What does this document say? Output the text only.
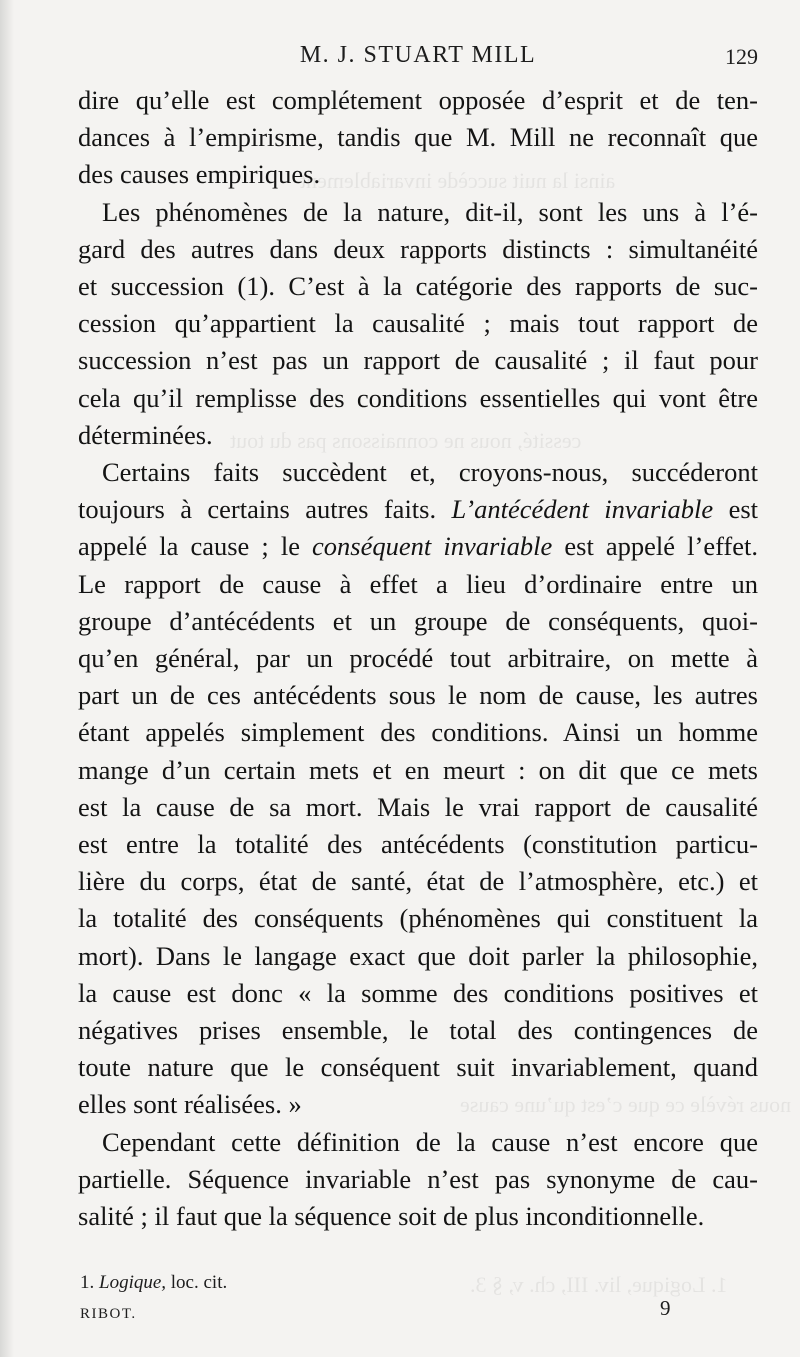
ainsi la nuit succède invariablement
cessité, nous ne connaissons pas du tout
nous révèle ce que c’est qu’une cause
1. Logique, liv. III, ch. v, § 3.
M. J. STUART MILL	129

dire qu’elle est complétement opposée d’esprit et de ten-
dances à l’empirisme, tandis que M. Mill ne reconnaît que
des causes empiriques.

Les phénomènes de la nature, dit-il, sont les uns à l’é-
gard des autres dans deux rapports distincts : simultanéité
et succession (1). C’est à la catégorie des rapports de suc-
cession qu’appartient la causalité ; mais tout rapport de
succession n’est pas un rapport de causalité ; il faut pour
cela qu’il remplisse des conditions essentielles qui vont être
déterminées.

Certains faits succèdent et, croyons-nous, succéderont
toujours à certains autres faits. L’antécédent invariable est
appelé la cause ; le conséquent invariable est appelé l’effet.
Le rapport de cause à effet a lieu d’ordinaire entre un
groupe d’antécédents et un groupe de conséquents, quoi-
qu’en général, par un procédé tout arbitraire, on mette à
part un de ces antécédents sous le nom de cause, les autres
étant appelés simplement des conditions. Ainsi un homme
mange d’un certain mets et en meurt : on dit que ce mets
est la cause de sa mort. Mais le vrai rapport de causalité
est entre la totalité des antécédents (constitution particu-
lière du corps, état de santé, état de l’atmosphère, etc.) et
la totalité des conséquents (phénomènes qui constituent la
mort). Dans le langage exact que doit parler la philosophie,
la cause est donc « la somme des conditions positives et
négatives prises ensemble, le total des contingences de
toute nature que le conséquent suit invariablement, quand
elles sont réalisées. »

Cependant cette définition de la cause n’est encore que
partielle. Séquence invariable n’est pas synonyme de cau-
salité ; il faut que la séquence soit de plus inconditionnelle.

1. Logique, loc. cit.
RIBOT.	9
